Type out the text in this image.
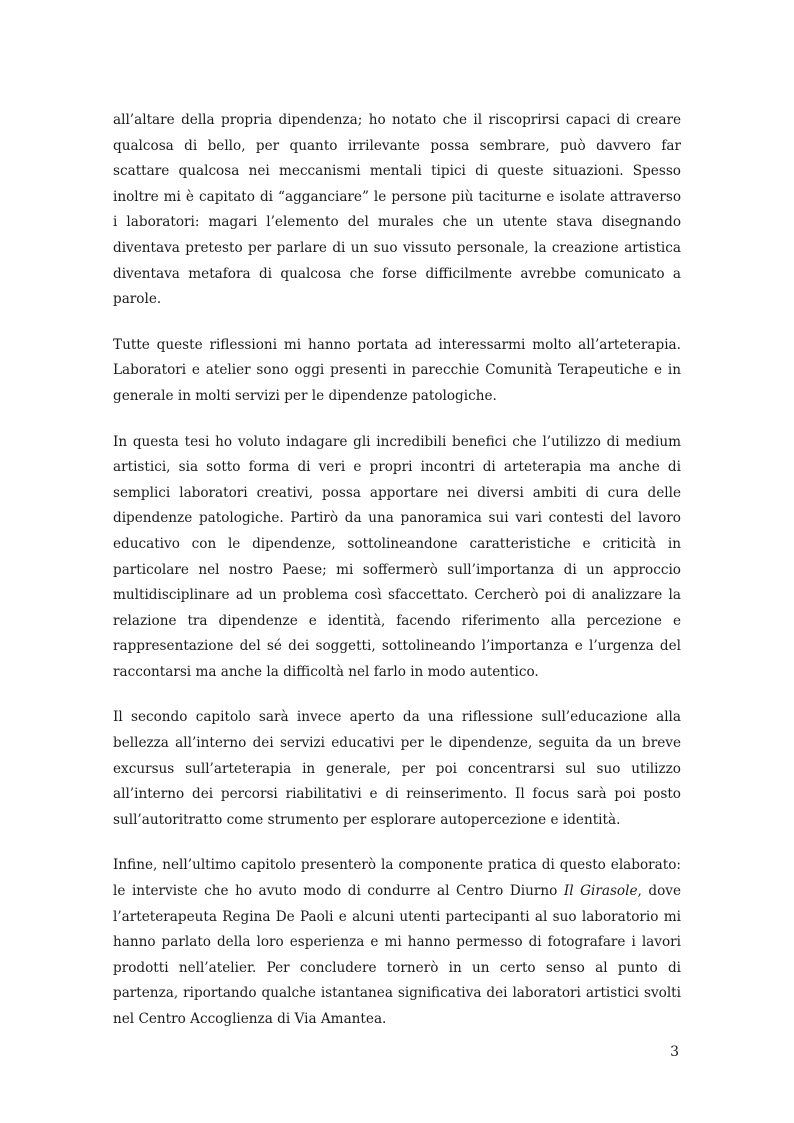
all’altare della propria dipendenza; ho notato che il riscoprirsi capaci di creare qualcosa di bello, per quanto irrilevante possa sembrare, può davvero far scattare qualcosa nei meccanismi mentali tipici di queste situazioni. Spesso inoltre mi è capitato di “agganciare” le persone più taciturne e isolate attraverso i laboratori: magari l’elemento del murales che un utente stava disegnando diventava pretesto per parlare di un suo vissuto personale, la creazione artistica diventava metafora di qualcosa che forse difficilmente avrebbe comunicato a parole.

Tutte queste riflessioni mi hanno portata ad interessarmi molto all’arteterapia. Laboratori e atelier sono oggi presenti in parecchie Comunità Terapeutiche e in generale in molti servizi per le dipendenze patologiche.

In questa tesi ho voluto indagare gli incredibili benefici che l’utilizzo di medium artistici, sia sotto forma di veri e propri incontri di arteterapia ma anche di semplici laboratori creativi, possa apportare nei diversi ambiti di cura delle dipendenze patologiche. Partirò da una panoramica sui vari contesti del lavoro educativo con le dipendenze, sottolineandone caratteristiche e criticità in particolare nel nostro Paese; mi soffermerò sull’importanza di un approccio multidisciplinare ad un problema così sfaccettato. Cercherò poi di analizzare la relazione tra dipendenze e identità, facendo riferimento alla percezione e rappresentazione del sé dei soggetti, sottolineando l’importanza e l’urgenza del raccontarsi ma anche la difficoltà nel farlo in modo autentico.

Il secondo capitolo sarà invece aperto da una riflessione sull’educazione alla bellezza all’interno dei servizi educativi per le dipendenze, seguita da un breve excursus sull’arteterapia in generale, per poi concentrarsi sul suo utilizzo all’interno dei percorsi riabilitativi e di reinserimento. Il focus sarà poi posto sull’autoritratto come strumento per esplorare autopercezione e identità.

Infine, nell’ultimo capitolo presenterò la componente pratica di questo elaborato: le interviste che ho avuto modo di condurre al Centro Diurno Il Girasole, dove l’arteterapeuta Regina De Paoli e alcuni utenti partecipanti al suo laboratorio mi hanno parlato della loro esperienza e mi hanno permesso di fotografare i lavori prodotti nell’atelier. Per concludere tornerò in un certo senso al punto di partenza, riportando qualche istantanea significativa dei laboratori artistici svolti nel Centro Accoglienza di Via Amantea.

3
